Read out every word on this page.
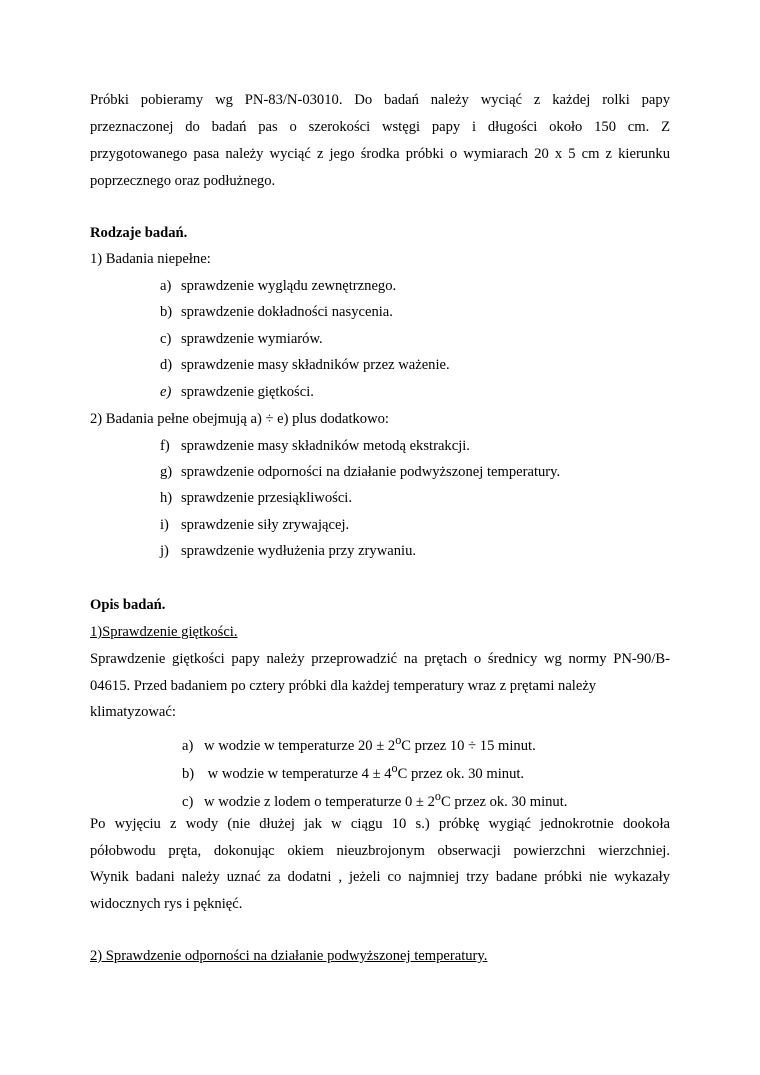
Próbki pobieramy wg PN-83/N-03010. Do badań należy wyciąć z każdej rolki papy
przeznaczonej do badań pas o szerokości wstęgi papy i długości około 150 cm. Z
przygotowanego pasa należy wyciąć z jego środka próbki o wymiarach 20 x 5 cm z kierunku
poprzecznego oraz podłużnego.
Rodzaje badań.
1) Badania niepełne:
a) sprawdzenie wyglądu zewnętrznego.
b) sprawdzenie dokładności nasycenia.
c) sprawdzenie wymiarów.
d) sprawdzenie masy składników przez ważenie.
e) sprawdzenie giętkości.
2) Badania pełne obejmują a) ÷ e) plus dodatkowo:
f) sprawdzenie masy składników metodą ekstrakcji.
g) sprawdzenie odporności na działanie podwyższonej temperatury.
h) sprawdzenie przesiąkliwości.
i) sprawdzenie siły zrywającej.
j) sprawdzenie wydłużenia przy zrywaniu.
Opis badań.
1)Sprawdzenie giętkości.
Sprawdzenie giętkości papy należy przeprowadzić na prętach o średnicy wg normy PN-90/B-
04615. Przed badaniem po cztery próbki dla każdej temperatury wraz z prętami należy
klimatyzować:
a) w wodzie w temperaturze $20 \pm 2^oC$ przez 10 ÷ 15 minut.
b) w wodzie w temperaturze $4 \pm 4^oC$ przez ok. 30 minut.
c) w wodzie z lodem o temperaturze $0 \pm 2^oC$ przez ok. 30 minut.
Po wyjęciu z wody (nie dłużej jak w ciągu 10 s.) próbkę wygiąć jednokrotnie dookoła
półobwodu pręta, dokonując okiem nieuzbrojonym obserwacji powierzchni wierzchniej.
Wynik badani należy uznać za dodatni , jeżeli co najmniej trzy badane próbki nie wykazały
widocznych rys i pęknięć.
2) Sprawdzenie odporności na działanie podwyższonej temperatury.
